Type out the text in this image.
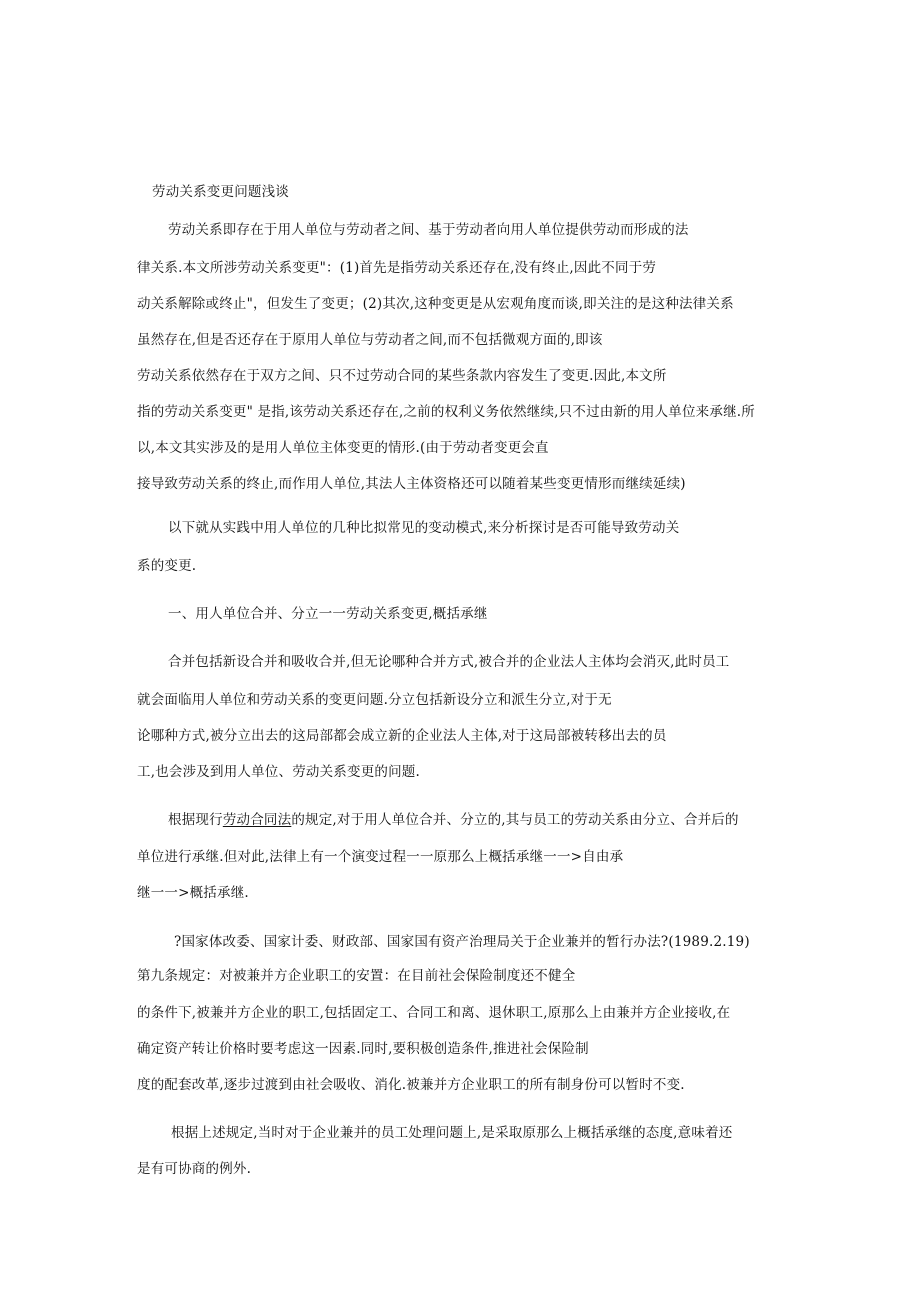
劳动关系变更问题浅谈
劳动关系即存在于用人单位与劳动者之间、基于劳动者向用人单位提供劳动而形成的法
律关系.本文所涉劳动关系变更"：(1)首先是指劳动关系还存在,没有终止,因此不同于劳
动关系解除或终止"，但发生了变更；(2)其次,这种变更是从宏观角度而谈,即关注的是这种法律关系
虽然存在,但是否还存在于原用人单位与劳动者之间,而不包括微观方面的,即该
劳动关系依然存在于双方之间、只不过劳动合同的某些条款内容发生了变更.因此,本文所
指的劳动关系变更" 是指,该劳动关系还存在,之前的权利义务依然继续,只不过由新的用人单位来承继.所
以,本文其实涉及的是用人单位主体变更的情形.(由于劳动者变更会直
接导致劳动关系的终止,而作用人单位,其法人主体资格还可以随着某些变更情形而继续延续)
以下就从实践中用人单位的几种比拟常见的变动模式,来分析探讨是否可能导致劳动关
系的变更.
一、用人单位合并、分立一一劳动关系变更,概括承继
合并包括新设合并和吸收合并,但无论哪种合并方式,被合并的企业法人主体均会消灭,此时员工
就会面临用人单位和劳动关系的变更问题.分立包括新设分立和派生分立,对于无
论哪种方式,被分立出去的这局部都会成立新的企业法人主体,对于这局部被转移出去的员
工,也会涉及到用人单位、劳动关系变更的问题.
根据现行劳动合同法的规定,对于用人单位合并、分立的,其与员工的劳动关系由分立、合并后的
单位进行承继.但对此,法律上有一个演变过程一一原那么上概括承继一一>自由承
继一一>概括承继.
?国家体改委、国家计委、财政部、国家国有资产治理局关于企业兼并的暂行办法?(1989.2.19)
第九条规定：对被兼并方企业职工的安置：在目前社会保险制度还不健全
的条件下,被兼并方企业的职工,包括固定工、合同工和离、退休职工,原那么上由兼并方企业接收,在
确定资产转让价格时要考虑这一因素.同时,要积极创造条件,推进社会保险制
度的配套改革,逐步过渡到由社会吸收、消化.被兼并方企业职工的所有制身份可以暂时不变.
根据上述规定,当时对于企业兼并的员工处理问题上,是采取原那么上概括承继的态度,意味着还
是有可协商的例外.
